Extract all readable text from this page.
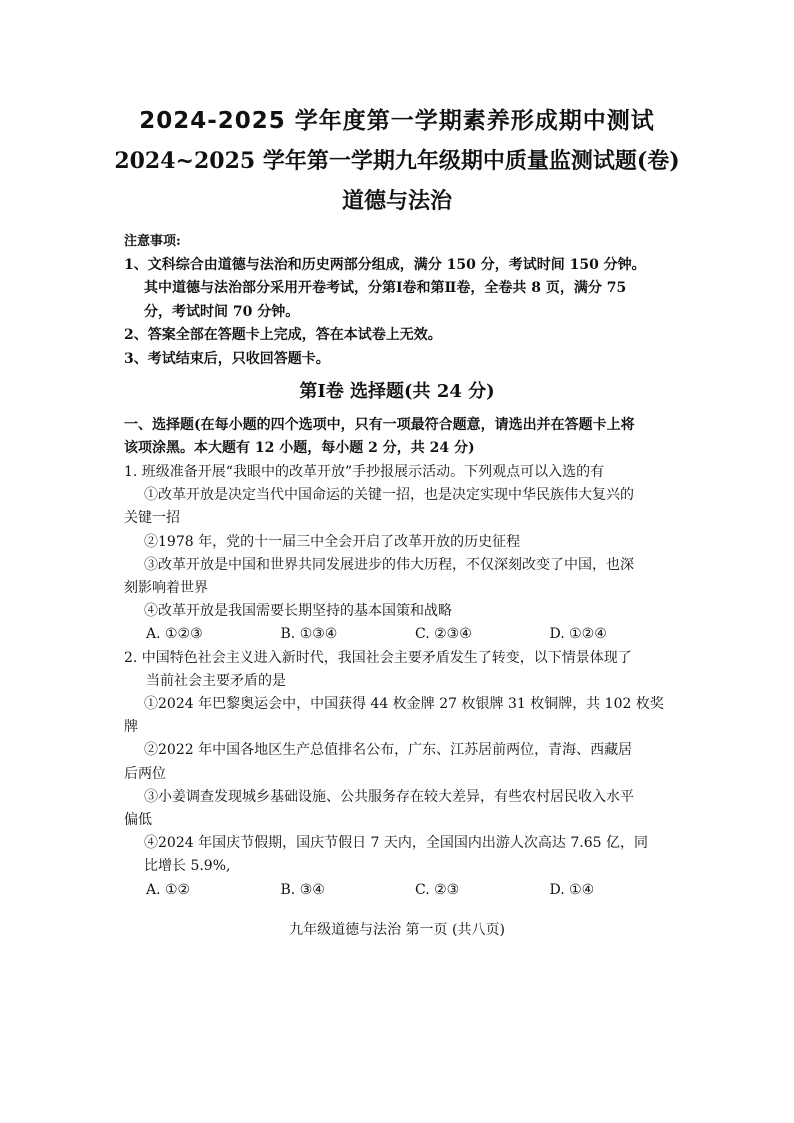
2024-2025 学年度第一学期素养形成期中测试
2024~2025 学年第一学期九年级期中质量监测试题(卷)
道德与法治
注意事项:
1、文科综合由道德与法治和历史两部分组成，满分 150 分，考试时间 150 分钟。
其中道德与法治部分采用开卷考试，分第Ⅰ卷和第Ⅱ卷，全卷共 8 页，满分 75
分，考试时间 70 分钟。
2、答案全部在答题卡上完成，答在本试卷上无效。
3、考试结束后，只收回答题卡。
第Ⅰ卷 选择题(共 24 分)
一、选择题(在每小题的四个选项中，只有一项最符合题意，请选出并在答题卡上将
该项涂黑。本大题有 12 小题，每小题 2 分，共 24 分)
1. 班级准备开展“我眼中的改革开放”手抄报展示活动。下列观点可以入选的有
①改革开放是决定当代中国命运的关键一招，也是决定实现中华民族伟大复兴的
关键一招
②1978 年，党的十一届三中全会开启了改革开放的历史征程
③改革开放是中国和世界共同发展进步的伟大历程，不仅深刻改变了中国，也深
刻影响着世界
④改革开放是我国需要长期坚持的基本国策和战略
A. ①②③	B. ①③④	C. ②③④	D. ①②④
2. 中国特色社会主义进入新时代，我国社会主要矛盾发生了转变，以下情景体现了
当前社会主要矛盾的是
①2024 年巴黎奥运会中，中国获得 44 枚金牌 27 枚银牌 31 枚铜牌，共 102 枚奖
牌
②2022 年中国各地区生产总值排名公布，广东、江苏居前两位，青海、西藏居
后两位
③小姜调查发现城乡基础设施、公共服务存在较大差异，有些农村居民收入水平
偏低
④2024 年国庆节假期，国庆节假日 7 天内，全国国内出游人次高达 7.65 亿，同
比增长 5.9%,
A. ①②	B. ③④	C. ②③	D. ①④
九年级道德与法治 第一页 (共八页)
